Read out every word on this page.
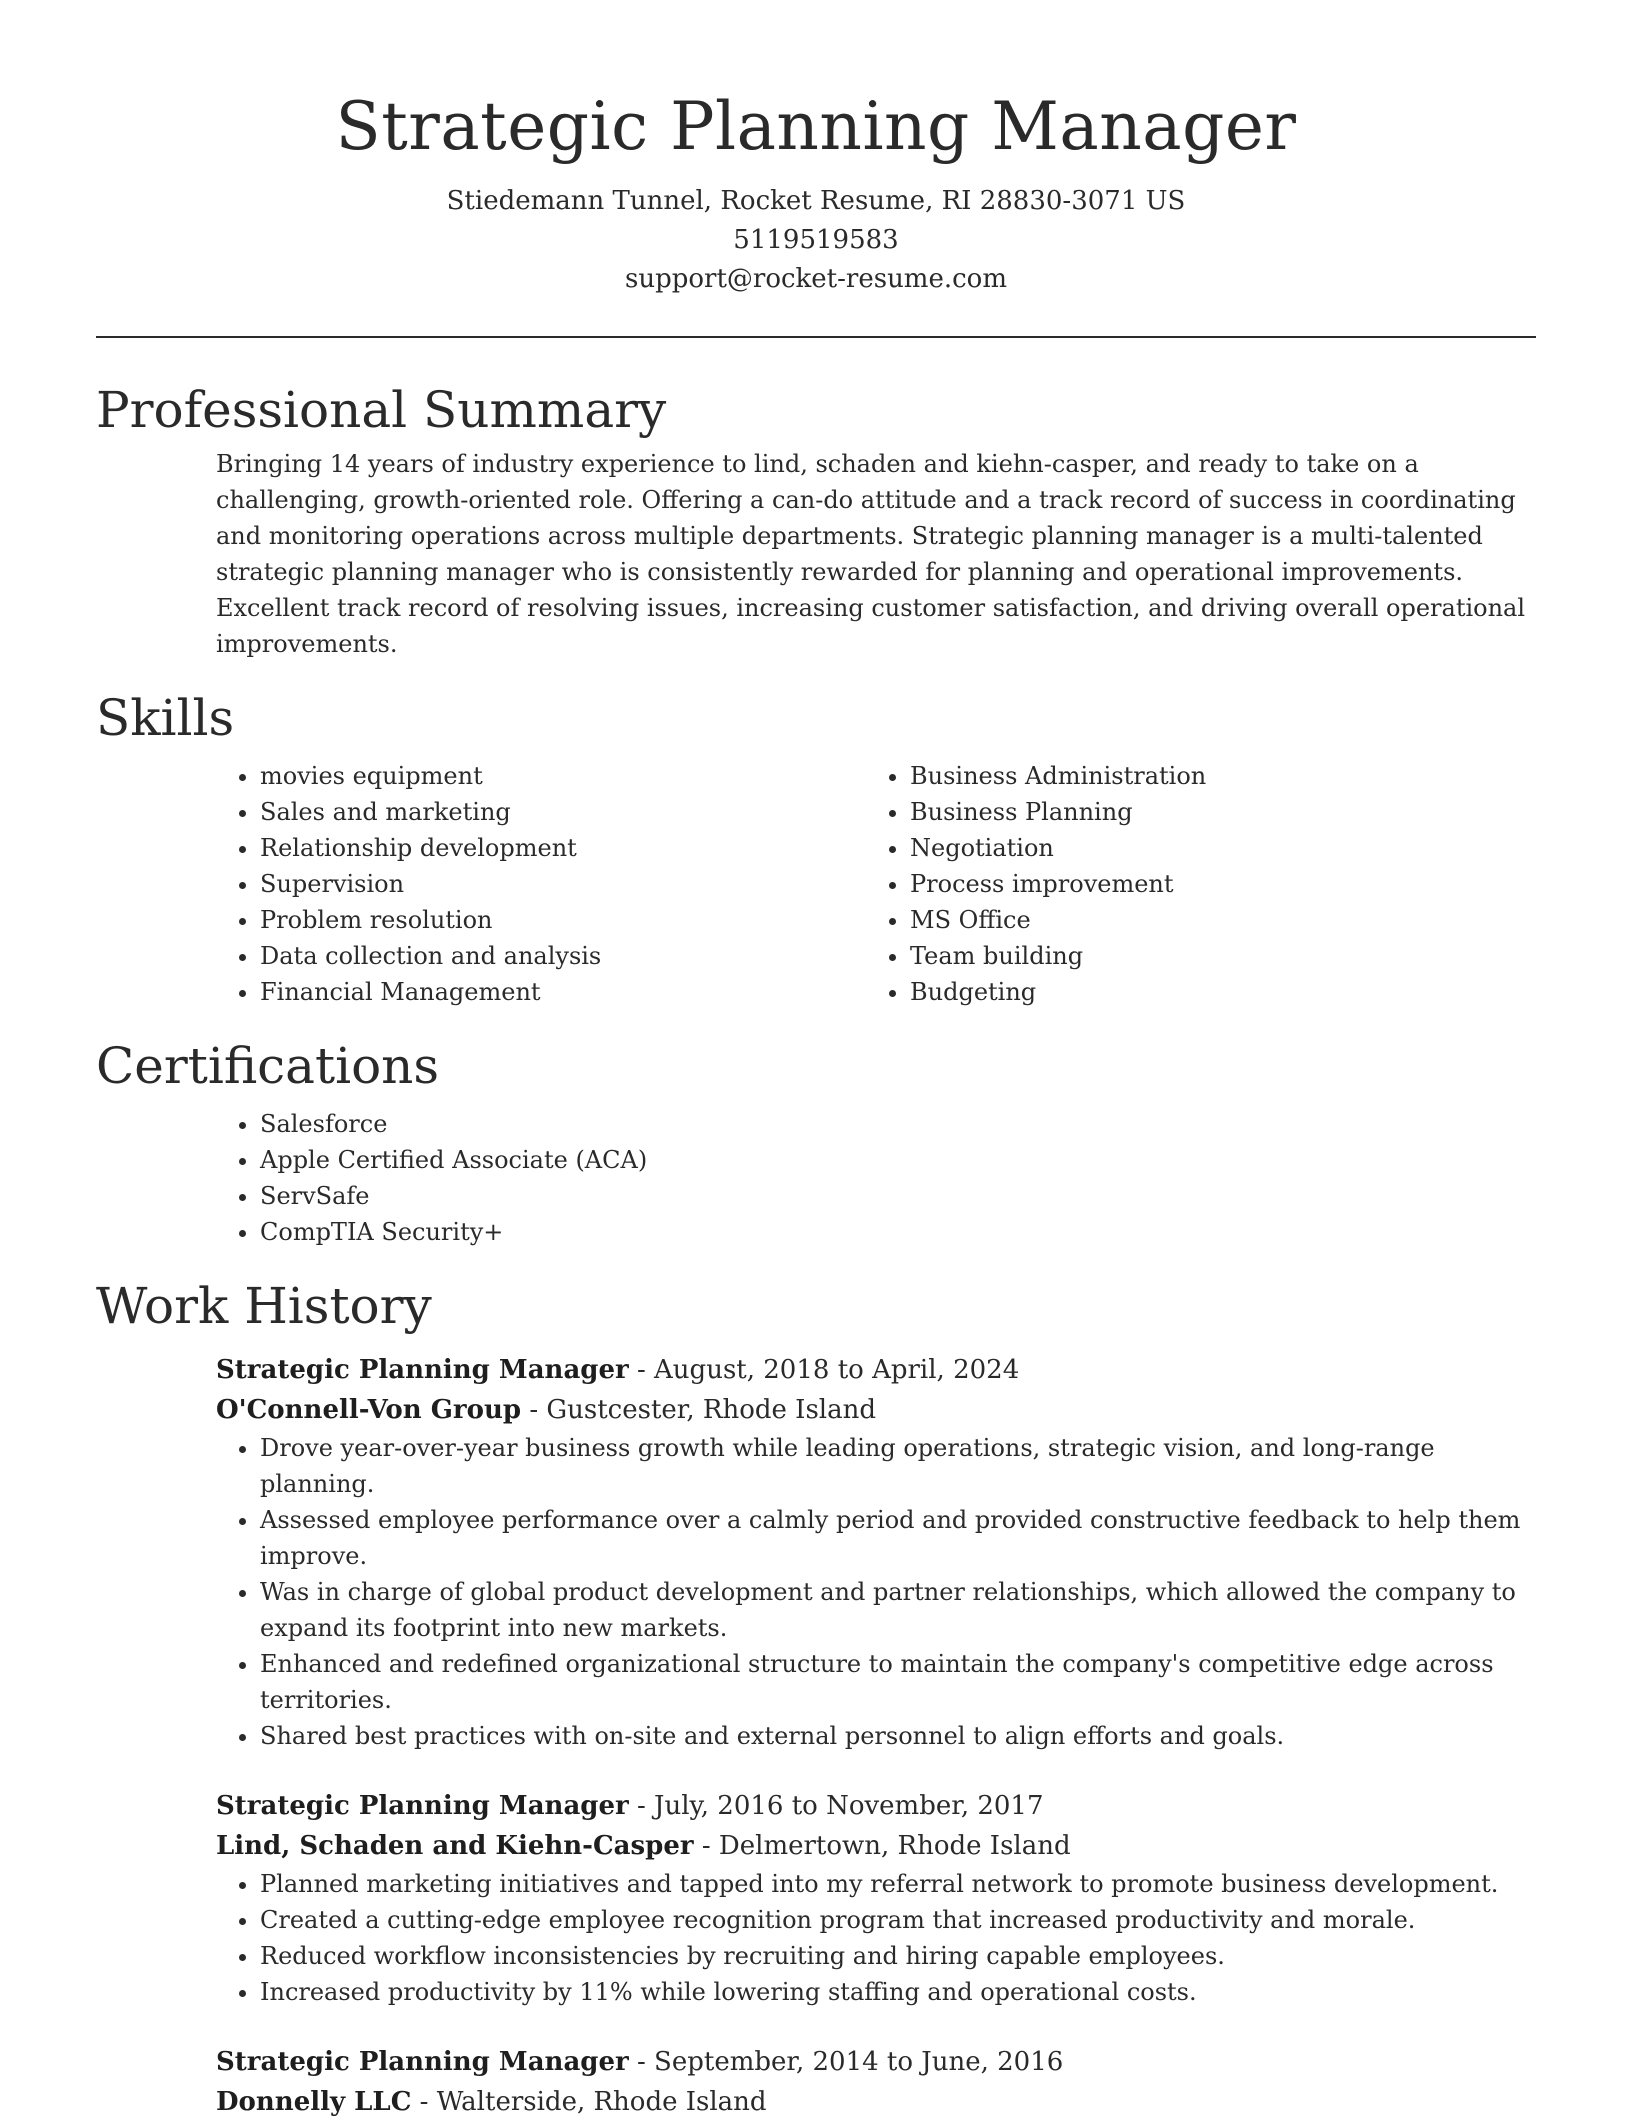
Strategic Planning Manager
Stiedemann Tunnel, Rocket Resume, RI 28830-3071 US
5119519583
support@rocket-resume.com
Professional Summary

Bringing 14 years of industry experience to lind, schaden and kiehn-casper, and ready to take on a challenging, growth-oriented role. Offering a can-do attitude and a track record of success in coordinating and monitoring operations across multiple departments. Strategic planning manager is a multi-talented strategic planning manager who is consistently rewarded for planning and operational improvements. Excellent track record of resolving issues, increasing customer satisfaction, and driving overall operational improvements.

Skills
• movies equipment
• Sales and marketing
• Relationship development
• Supervision
• Problem resolution
• Data collection and analysis
• Financial Management
• Business Administration
• Business Planning
• Negotiation
• Process improvement
• MS Office
• Team building
• Budgeting
Certifications
• Salesforce
• Apple Certified Associate (ACA)
• ServSafe
• CompTIA Security+
Work History
Strategic Planning Manager - August, 2018 to April, 2024
O'Connell-Von Group - Gustcester, Rhode Island
• Drove year-over-year business growth while leading operations, strategic vision, and long-range planning.
• Assessed employee performance over a calmly period and provided constructive feedback to help them improve.
• Was in charge of global product development and partner relationships, which allowed the company to expand its footprint into new markets.
• Enhanced and redefined organizational structure to maintain the company's competitive edge across territories.
• Shared best practices with on-site and external personnel to align efforts and goals.
Strategic Planning Manager - July, 2016 to November, 2017
Lind, Schaden and Kiehn-Casper - Delmertown, Rhode Island
• Planned marketing initiatives and tapped into my referral network to promote business development.
• Created a cutting-edge employee recognition program that increased productivity and morale.
• Reduced workflow inconsistencies by recruiting and hiring capable employees.
• Increased productivity by 11% while lowering staffing and operational costs.
Strategic Planning Manager - September, 2014 to June, 2016
Donnelly LLC - Walterside, Rhode Island
